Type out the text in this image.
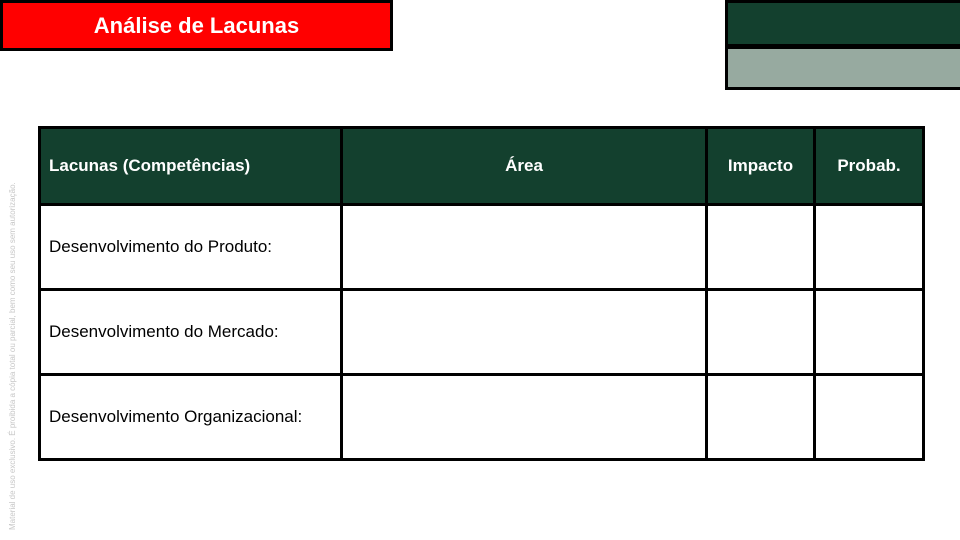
Análise de Lacunas
Material de uso exclusivo. É proibida a cópia total ou parcial, bem como seu uso sem autorização.
Lacunas (Competências)	Área	Impacto	Probab.
Desenvolvimento do Produto:			
Desenvolvimento do Mercado:			
Desenvolvimento Organizacional:			
